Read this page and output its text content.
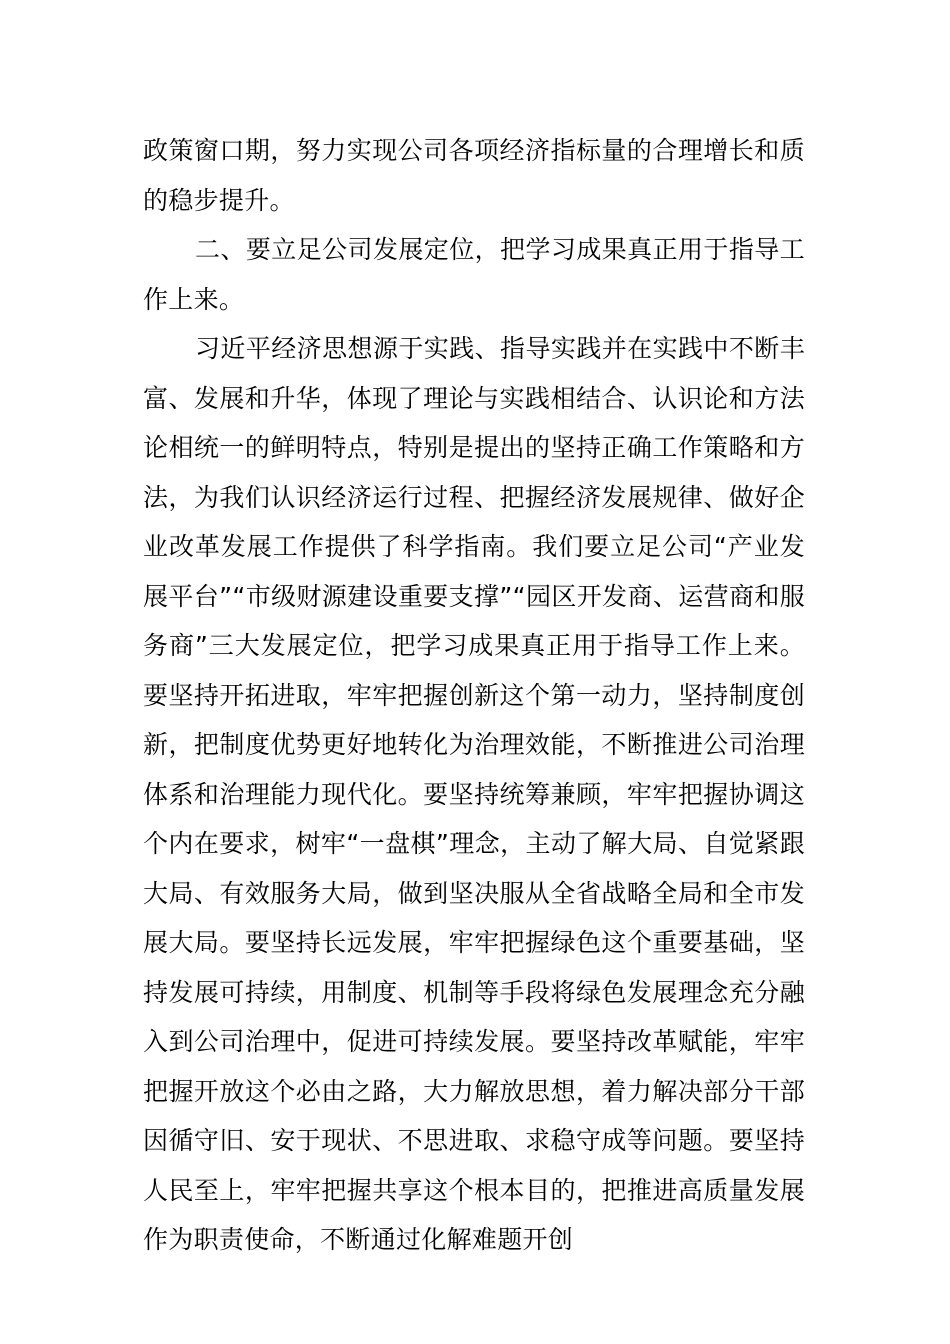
政策窗口期，努力实现公司各项经济指标量的合理增长和质的稳步提升。

二、要立足公司发展定位，把学习成果真正用于指导工作上来。

习近平经济思想源于实践、指导实践并在实践中不断丰富、发展和升华，体现了理论与实践相结合、认识论和方法论相统一的鲜明特点，特别是提出的坚持正确工作策略和方法，为我们认识经济运行过程、把握经济发展规律、做好企业改革发展工作提供了科学指南。我们要立足公司“产业发展平台”“市级财源建设重要支撑”“园区开发商、运营商和服务商”三大发展定位，把学习成果真正用于指导工作上来。要坚持开拓进取，牢牢把握创新这个第一动力，坚持制度创新，把制度优势更好地转化为治理效能，不断推进公司治理体系和治理能力现代化。要坚持统筹兼顾，牢牢把握协调这个内在要求，树牢“一盘棋”理念，主动了解大局、自觉紧跟大局、有效服务大局，做到坚决服从全省战略全局和全市发展大局。要坚持长远发展，牢牢把握绿色这个重要基础，坚持发展可持续，用制度、机制等手段将绿色发展理念充分融入到公司治理中，促进可持续发展。要坚持改革赋能，牢牢把握开放这个必由之路，大力解放思想，着力解决部分干部因循守旧、安于现状、不思进取、求稳守成等问题。要坚持人民至上，牢牢把握共享这个根本目的，把推进高质量发展作为职责使命，不断通过化解难题开创
